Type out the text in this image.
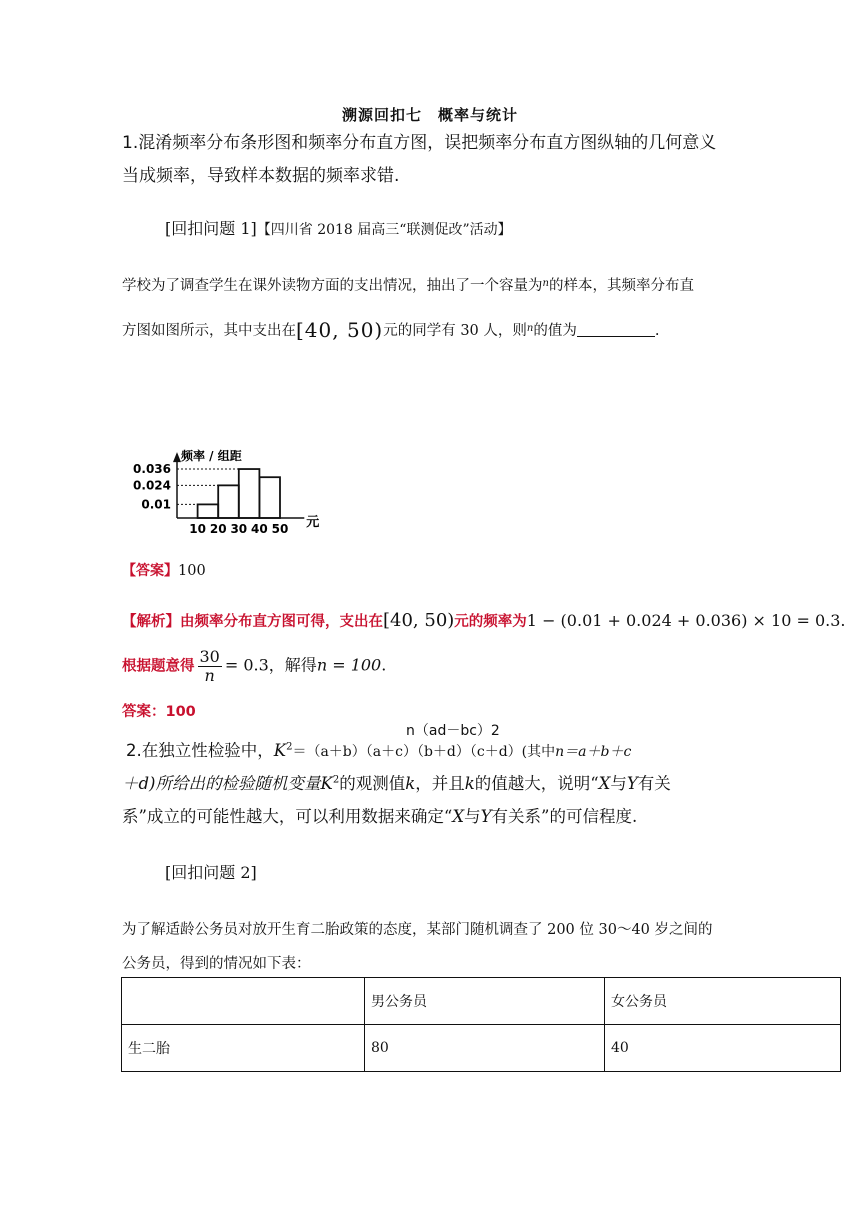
溯源回扣七　概率与统计
1.混淆频率分布条形图和频率分布直方图，误把频率分布直方图纵轴的几何意义
当成频率，导致样本数据的频率求错.
[回扣问题 1]【四川省 2018 届高三“联测促改”活动】
学校为了调查学生在课外读物方面的支出情况，抽出了一个容量为$^n$的样本，其频率分布直
方图如图所示，其中支出在[40, 50)元的同学有 30 人，则$^n$的值为	.
频率 / 组距
元
0.01
0.024
0.036
10 20 30 40 50
【答案】100
【解析】由频率分布直方图可得，支出在[40, 50)元的频率为1 − (0.01 + 0.024 + 0.036) × 10 = 0.3.
根据题意得 $\frac{30}{n} = 0.3$，解得n = 100.
答案：100
n（ad－bc）2
2.在独立性检验中，$K^2=(a+b)(a+c)(b+d)(c+d)$(其中n＝a＋b＋c
＋d)所给出的检验随机变量$K^2$的观测值k，并且k的值越大，说明“X与Y有关
系”成立的可能性越大，可以利用数据来确定“X与Y有关系”的可信程度.
[回扣问题 2]
为了解适龄公务员对放开生育二胎政策的态度，某部门随机调查了 200 位 30～40 岁之间的
公务员，得到的情况如下表：
	男公务员	女公务员
生二胎	80	40
